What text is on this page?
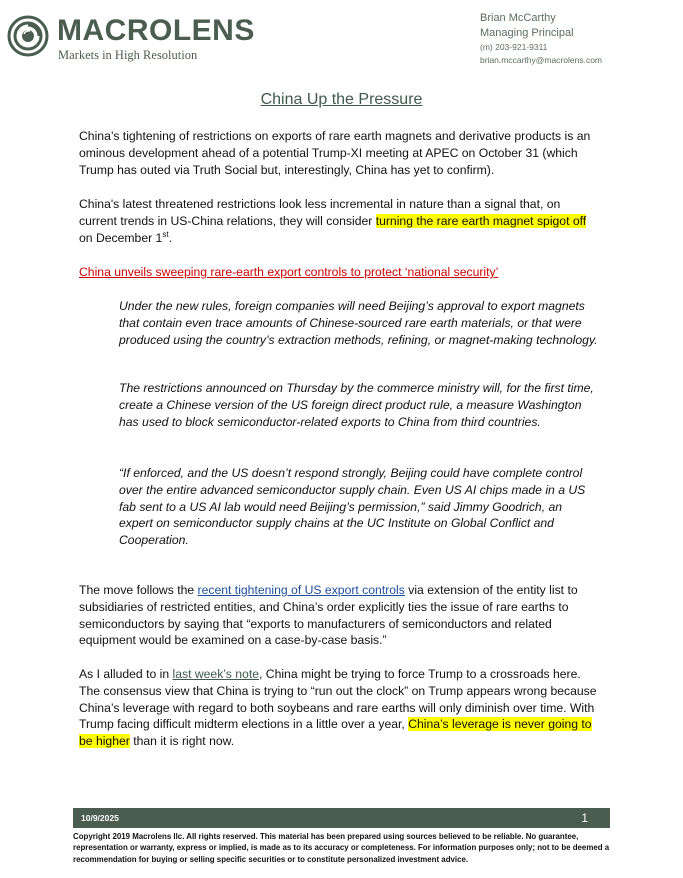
MACROLENS
Markets in High Resolution
Brian McCarthy
Managing Principal
(m) 203-921-9311
brian.mccarthy@macrolens.com
China Up the Pressure

China’s tightening of restrictions on exports of rare earth magnets and derivative products is an ominous development ahead of a potential Trump-XI meeting at APEC on October 31 (which Trump has outed via Truth Social but, interestingly, China has yet to confirm).

China's latest threatened restrictions look less incremental in nature than a signal that, on current trends in US-China relations, they will consider turning the rare earth magnet spigot off on December 1st.

China unveils sweeping rare-earth export controls to protect ‘national security’

Under the new rules, foreign companies will need Beijing’s approval to export magnets that contain even trace amounts of Chinese-sourced rare earth materials, or that were produced using the country’s extraction methods, refining, or magnet-making technology.

The restrictions announced on Thursday by the commerce ministry will, for the first time, create a Chinese version of the US foreign direct product rule, a measure Washington has used to block semiconductor-related exports to China from third countries.

“If enforced, and the US doesn’t respond strongly, Beijing could have complete control over the entire advanced semiconductor supply chain. Even US AI chips made in a US fab sent to a US AI lab would need Beijing’s permission,” said Jimmy Goodrich, an expert on semiconductor supply chains at the UC Institute on Global Conflict and Cooperation.

The move follows the recent tightening of US export controls via extension of the entity list to subsidiaries of restricted entities, and China’s order explicitly ties the issue of rare earths to semiconductors by saying that “exports to manufacturers of semiconductors and related equipment would be examined on a case-by-case basis.”

As I alluded to in last week’s note, China might be trying to force Trump to a crossroads here. The consensus view that China is trying to “run out the clock” on Trump appears wrong because China’s leverage with regard to both soybeans and rare earths will only diminish over time. With Trump facing difficult midterm elections in a little over a year, China’s leverage is never going to be higher than it is right now.

10/9/2025	1

Copyright 2019 Macrolens llc. All rights reserved. This material has been prepared using sources believed to be reliable. No guarantee, representation or warranty, express or implied, is made as to its accuracy or completeness. For information purposes only; not to be deemed a recommendation for buying or selling specific securities or to constitute personalized investment advice.
